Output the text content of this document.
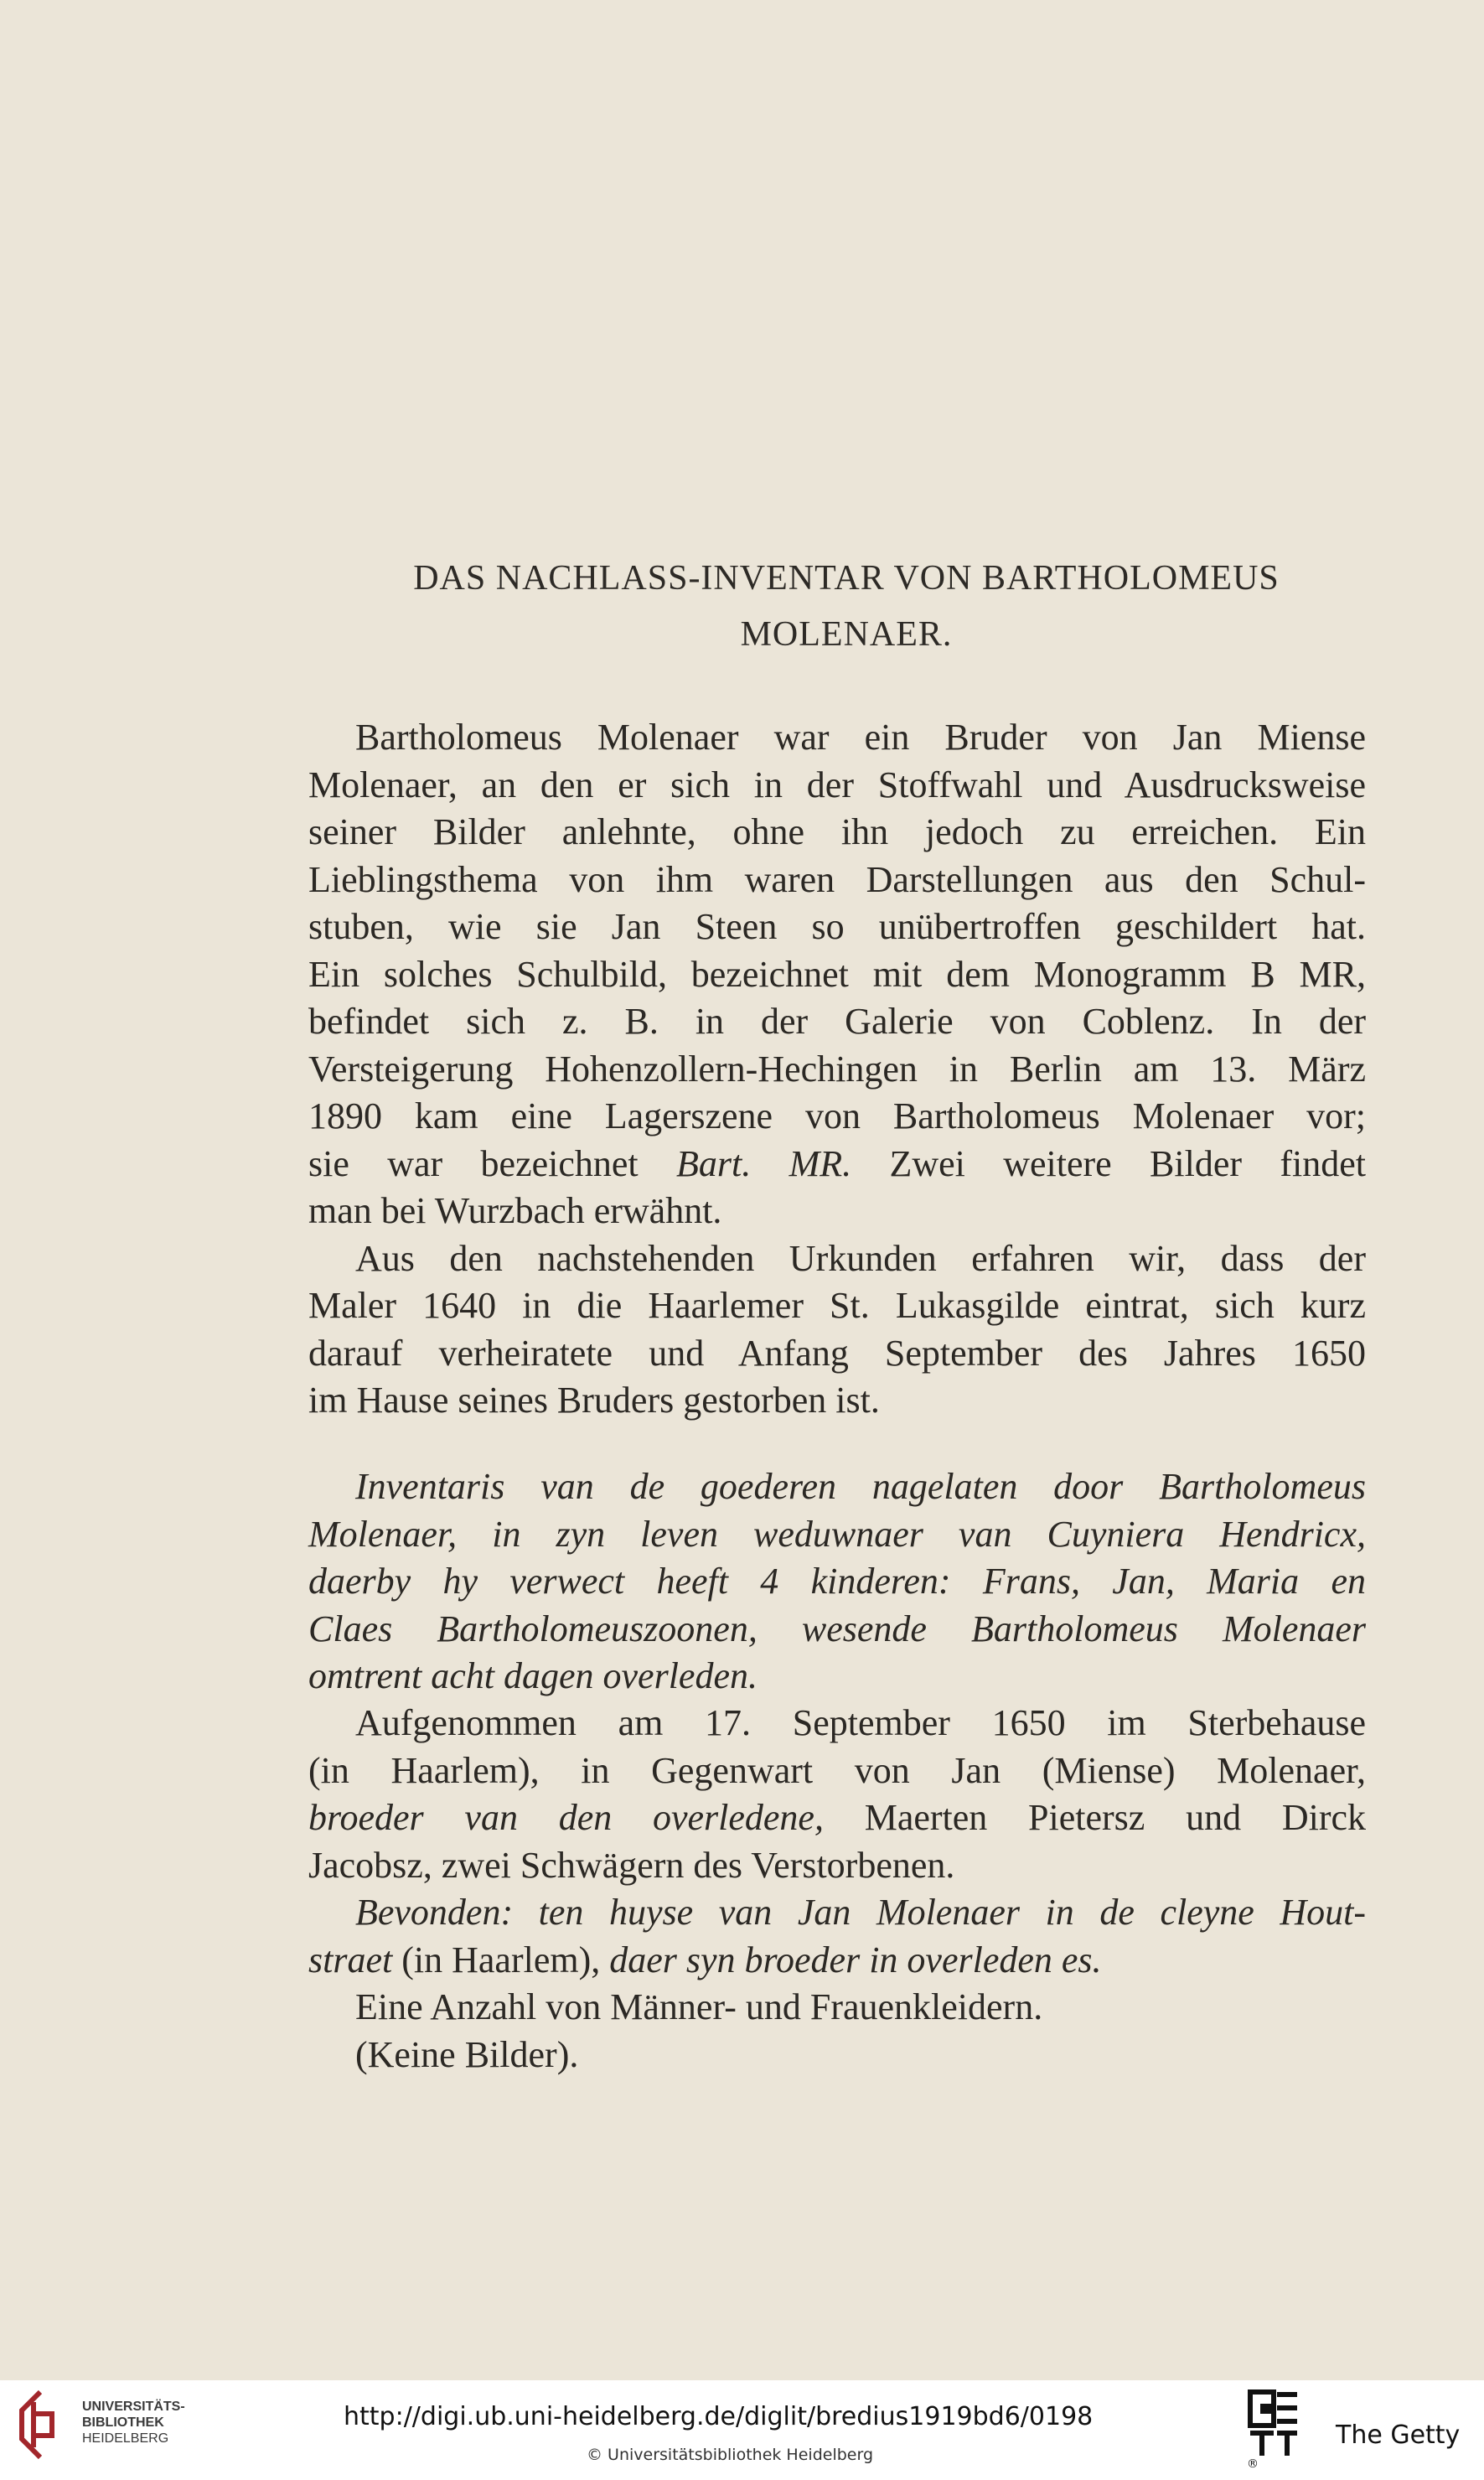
DAS NACHLASS-INVENTAR VON BARTHOLOMEUS
MOLENAER.
Bartholomeus Molenaer war ein Bruder von Jan Miense
Molenaer, an den er sich in der Stoffwahl und Ausdrucksweise
seiner Bilder anlehnte, ohne ihn jedoch zu erreichen. Ein
Lieblingsthema von ihm waren Darstellungen aus den Schul-
stuben, wie sie Jan Steen so unübertroffen geschildert hat.
Ein solches Schulbild, bezeichnet mit dem Monogramm B MR,
befindet sich z. B. in der Galerie von Coblenz. In der
Versteigerung Hohenzollern-Hechingen in Berlin am 13. März
1890 kam eine Lagerszene von Bartholomeus Molenaer vor;
sie war bezeichnet Bart. MR. Zwei weitere Bilder findet
man bei Wurzbach erwähnt.
Aus den nachstehenden Urkunden erfahren wir, dass der
Maler 1640 in die Haarlemer St. Lukasgilde eintrat, sich kurz
darauf verheiratete und Anfang September des Jahres 1650
im Hause seines Bruders gestorben ist.
Inventaris van de goederen nagelaten door Bartholomeus
Molenaer, in zyn leven weduwnaer van Cuyniera Hendricx,
daerby hy verwect heeft 4 kinderen: Frans, Jan, Maria en
Claes Bartholomeuszoonen, wesende Bartholomeus Molenaer
omtrent acht dagen overleden.
Aufgenommen am 17. September 1650 im Sterbehause
(in Haarlem), in Gegenwart von Jan (Miense) Molenaer,
broeder van den overledene, Maerten Pietersz und Dirck
Jacobsz, zwei Schwägern des Verstorbenen.
Bevonden: ten huyse van Jan Molenaer in de cleyne Hout-
straet (in Haarlem), daer syn broeder in overleden es.
Eine Anzahl von Männer- und Frauenkleidern.
(Keine Bilder).
UNIVERSITÄTS-
BIBLIOTHEK
HEIDELBERG
http://digi.ub.uni-heidelberg.de/diglit/bredius1919bd6/0198
© Universitätsbibliothek Heidelberg	®
The Getty
